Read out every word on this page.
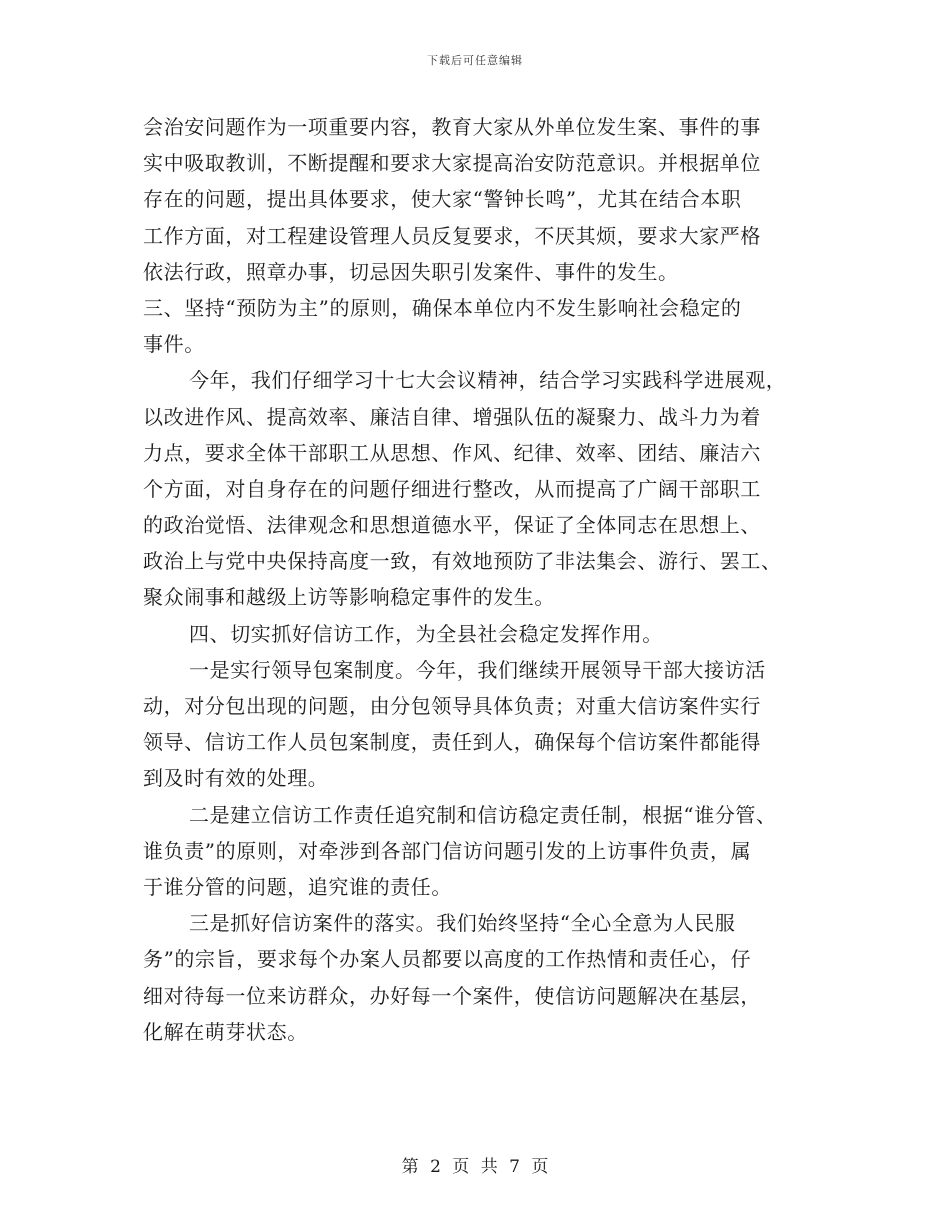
下载后可任意编辑
会治安问题作为一项重要内容，教育大家从外单位发生案、事件的事
实中吸取教训，不断提醒和要求大家提高治安防范意识。并根据单位
存在的问题，提出具体要求，使大家“警钟长鸣”，尤其在结合本职
工作方面，对工程建设管理人员反复要求，不厌其烦，要求大家严格
依法行政，照章办事，切忌因失职引发案件、事件的发生。
三、坚持“预防为主”的原则，确保本单位内不发生影响社会稳定的
事件。
今年，我们仔细学习十七大会议精神，结合学习实践科学进展观，
以改进作风、提高效率、廉洁自律、增强队伍的凝聚力、战斗力为着
力点，要求全体干部职工从思想、作风、纪律、效率、团结、廉洁六
个方面，对自身存在的问题仔细进行整改，从而提高了广阔干部职工
的政治觉悟、法律观念和思想道德水平，保证了全体同志在思想上、
政治上与党中央保持高度一致，有效地预防了非法集会、游行、罢工、
聚众闹事和越级上访等影响稳定事件的发生。
四、切实抓好信访工作，为全县社会稳定发挥作用。
一是实行领导包案制度。今年，我们继续开展领导干部大接访活
动，对分包出现的问题，由分包领导具体负责；对重大信访案件实行
领导、信访工作人员包案制度，责任到人，确保每个信访案件都能得
到及时有效的处理。
二是建立信访工作责任追究制和信访稳定责任制，根据“谁分管、
谁负责”的原则，对牵涉到各部门信访问题引发的上访事件负责，属
于谁分管的问题，追究谁的责任。
三是抓好信访案件的落实。我们始终坚持“全心全意为人民服
务”的宗旨，要求每个办案人员都要以高度的工作热情和责任心，仔
细对待每一位来访群众，办好每一个案件，使信访问题解决在基层，
化解在萌芽状态。
第 2 页 共 7 页
